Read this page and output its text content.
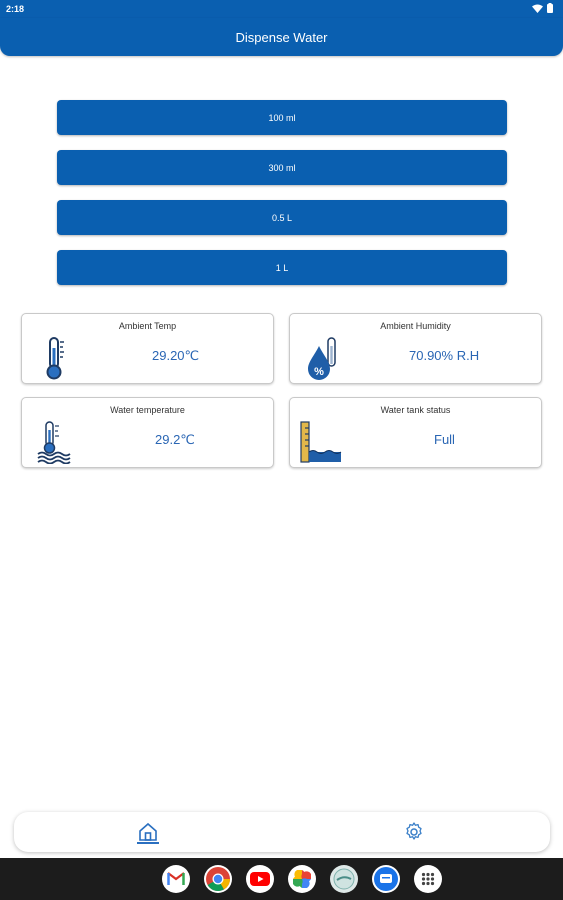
2:18
Dispense Water
100 ml
300 ml
0.5 L
1 L
Ambient Temp
29.20℃
Ambient Humidity
%
70.90% R.H
Water temperature
29.2℃
Water tank status
Full
